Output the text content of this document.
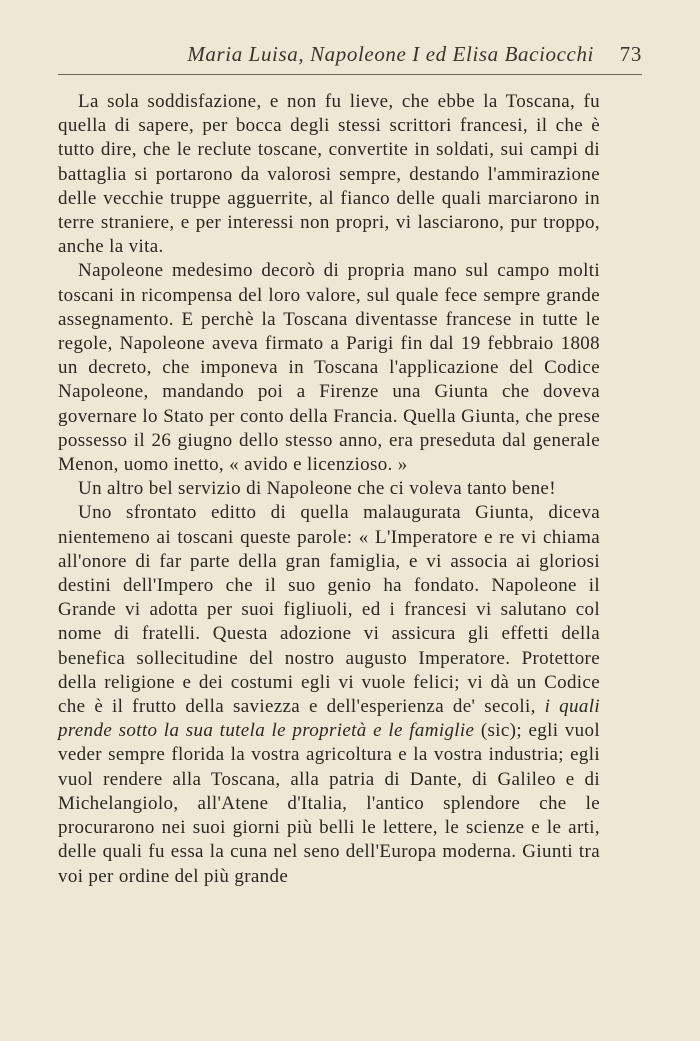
Maria Luisa, Napoleone I ed Elisa Baciocchi 73

La sola soddisfazione, e non fu lieve, che ebbe la Toscana, fu quella di sapere, per bocca degli stessi scrittori francesi, il che è tutto dire, che le reclute toscane, convertite in soldati, sui campi di battaglia si portarono da valorosi sempre, destando l'ammirazione delle vecchie truppe agguerrite, al fianco delle quali marciarono in terre straniere, e per interessi non propri, vi lasciarono, pur troppo, anche la vita.

Napoleone medesimo decorò di propria mano sul campo molti toscani in ricompensa del loro valore, sul quale fece sempre grande assegnamento. E perchè la Toscana diventasse francese in tutte le regole, Napoleone aveva firmato a Parigi fin dal 19 febbraio 1808 un decreto, che imponeva in Toscana l'applicazione del Codice Napoleone, mandando poi a Firenze una Giunta che doveva governare lo Stato per conto della Francia. Quella Giunta, che prese possesso il 26 giugno dello stesso anno, era preseduta dal generale Menon, uomo inetto, « avido e licenzioso. »

Un altro bel servizio di Napoleone che ci voleva tanto bene!

Uno sfrontato editto di quella malaugurata Giunta, diceva nientemeno ai toscani queste parole: « L'Imperatore e re vi chiama all'onore di far parte della gran famiglia, e vi associa ai gloriosi destini dell'Impero che il suo genio ha fondato. Napoleone il Grande vi adotta per suoi figliuoli, ed i francesi vi salutano col nome di fratelli. Questa adozione vi assicura gli effetti della benefica sollecitudine del nostro augusto Imperatore. Protettore della religione e dei costumi egli vi vuole felici; vi dà un Codice che è il frutto della saviezza e dell'esperienza de' secoli, i quali prende sotto la sua tutela le proprietà e le famiglie (sic); egli vuol veder sempre florida la vostra agricoltura e la vostra industria; egli vuol rendere alla Toscana, alla patria di Dante, di Galileo e di Michelangiolo, all'Atene d'Italia, l'antico splendore che le procurarono nei suoi giorni più belli le lettere, le scienze e le arti, delle quali fu essa la cuna nel seno dell'Europa moderna. Giunti tra voi per ordine del più grande
